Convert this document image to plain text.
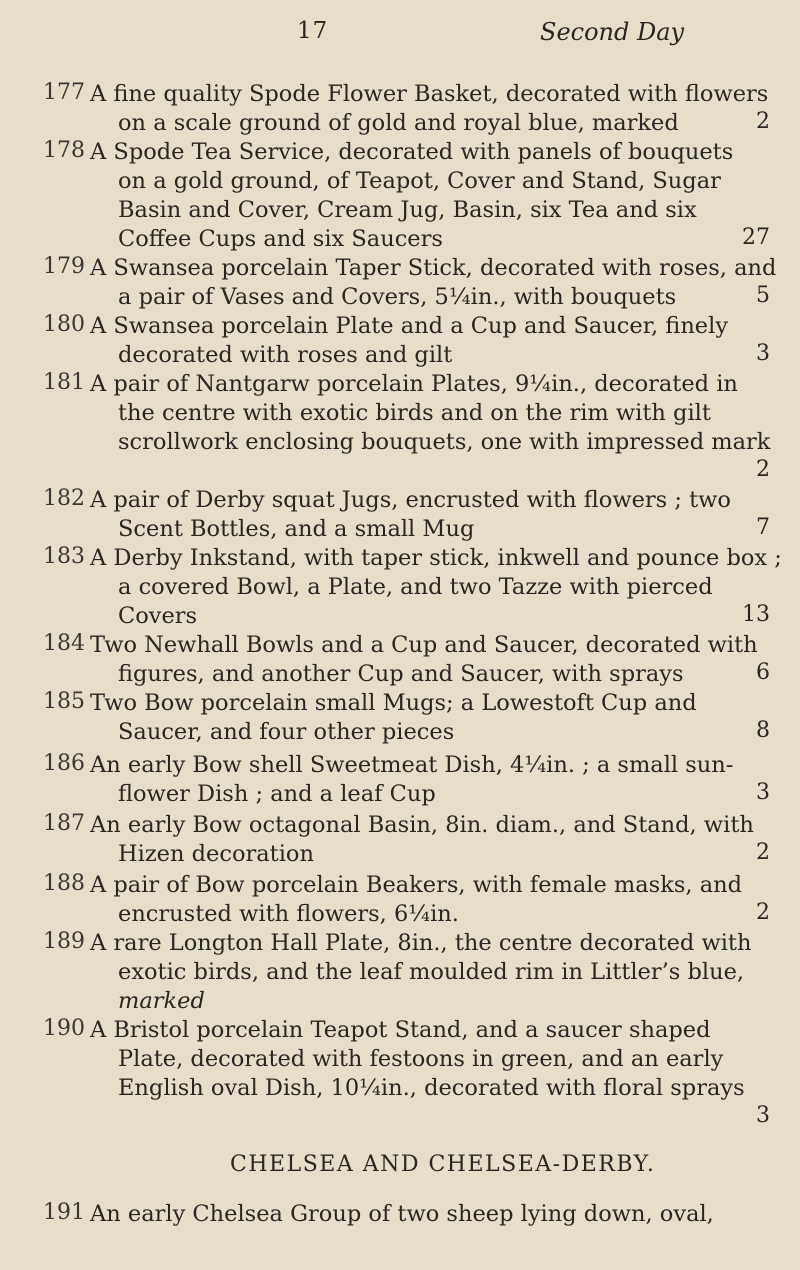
17	Second Day
177 A fine quality Spode Flower Basket, decorated with flowers
on a scale ground of gold and royal blue, marked	2
178 A Spode Tea Service, decorated with panels of bouquets
on a gold ground, of Teapot, Cover and Stand, Sugar
Basin and Cover, Cream Jug, Basin, six Tea and six
Coffee Cups and six Saucers	27
179 A Swansea porcelain Taper Stick, decorated with roses, and
a pair of Vases and Covers, 5¼in., with bouquets	5
180 A Swansea porcelain Plate and a Cup and Saucer, finely
decorated with roses and gilt	3
181 A pair of Nantgarw porcelain Plates, 9¼in., decorated in
the centre with exotic birds and on the rim with gilt
scrollwork enclosing bouquets, one with impressed mark
2
182 A pair of Derby squat Jugs, encrusted with flowers ; two
Scent Bottles, and a small Mug	7
183 A Derby Inkstand, with taper stick, inkwell and pounce box ;
a covered Bowl, a Plate, and two Tazze with pierced
Covers	13
184 Two Newhall Bowls and a Cup and Saucer, decorated with
figures, and another Cup and Saucer, with sprays	6
185 Two Bow porcelain small Mugs; a Lowestoft Cup and
Saucer, and four other pieces	8
186 An early Bow shell Sweetmeat Dish, 4¼in. ; a small sun-
flower Dish ; and a leaf Cup	3
187 An early Bow octagonal Basin, 8in. diam., and Stand, with
Hizen decoration	2
188 A pair of Bow porcelain Beakers, with female masks, and
encrusted with flowers, 6¼in.	2
189 A rare Longton Hall Plate, 8in., the centre decorated with
exotic birds, and the leaf moulded rim in Littler’s blue,
marked
190 A Bristol porcelain Teapot Stand, and a saucer shaped
Plate, decorated with festoons in green, and an early
English oval Dish, 10¼in., decorated with floral sprays
3
CHELSEA AND CHELSEA-DERBY.
191 An early Chelsea Group of two sheep lying down, oval,
